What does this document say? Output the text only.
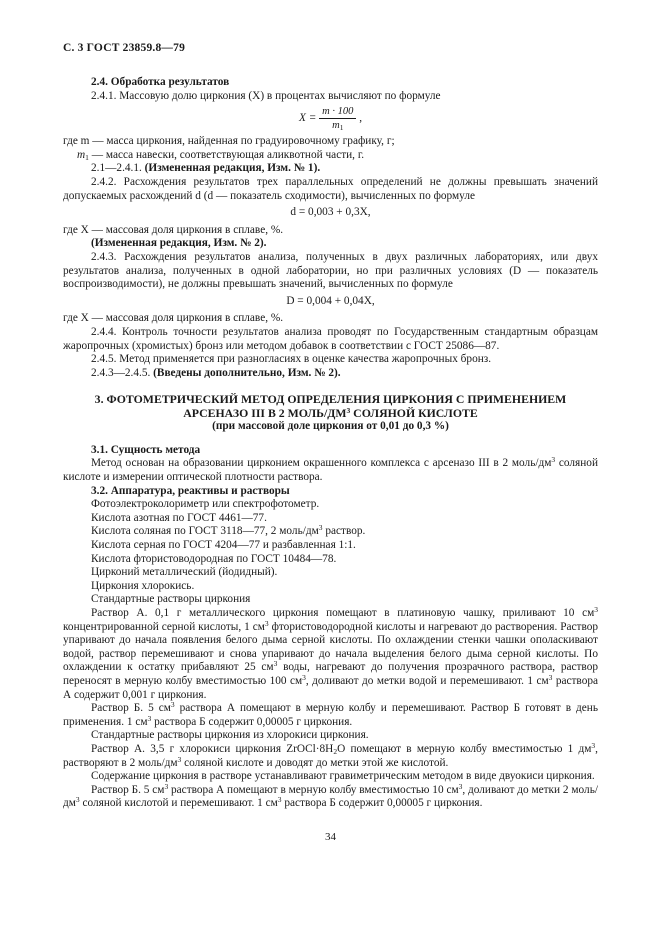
С. 3 ГОСТ 23859.8—79

2.4. Обработка результатов

2.4.1. Массовую долю циркония (X) в процентах вычисляют по формуле

$X = \frac{m \cdot 100}{m_1}$ ,

где m — масса циркония, найденная по градуировочному графику, г;

$m_1$ — масса навески, соответствующая аликвотной части, г.

2.1—2.4.1. (Измененная редакция, Изм. № 1).

2.4.2. Расхождения результатов трех параллельных определений не должны превышать значений допускаемых расхождений d (d — показатель сходимости), вычисленных по формуле

d = 0,003 + 0,3X,

где X — массовая доля циркония в сплаве, %.

(Измененная редакция, Изм. № 2).

2.4.3. Расхождения результатов анализа, полученных в двух различных лабораториях, или двух результатов анализа, полученных в одной лаборатории, но при различных условиях (D — показатель воспроизводимости), не должны превышать значений, вычисленных по формуле

D = 0,004 + 0,04X,

где X — массовая доля циркония в сплаве, %.

2.4.4. Контроль точности результатов анализа проводят по Государственным стандартным образцам жаропрочных (хромистых) бронз или методом добавок в соответствии с ГОСТ 25086—87.

2.4.5. Метод применяется при разногласиях в оценке качества жаропрочных бронз.

2.4.3—2.4.5. (Введены дополнительно, Изм. № 2).

3. ФОТОМЕТРИЧЕСКИЙ МЕТОД ОПРЕДЕЛЕНИЯ ЦИРКОНИЯ С ПРИМЕНЕНИЕМ
АРСЕНАЗО III В 2 МОЛЬ/$ДМ^3$ СОЛЯНОЙ КИСЛОТЕ
(при массовой доле циркония от 0,01 до 0,3 %)

3.1. Сущность метода

Метод основан на образовании цирконием окрашенного комплекса с арсеназо III в 2 моль/$дм^3$ соляной кислоте и измерении оптической плотности раствора.

3.2. Аппаратура, реактивы и растворы

Фотоэлектроколориметр или спектрофотометр.

Кислота азотная по ГОСТ 4461—77.

Кислота соляная по ГОСТ 3118—77, 2 моль/$дм^3$ раствор.

Кислота серная по ГОСТ 4204—77 и разбавленная 1:1.

Кислота фтористоводородная по ГОСТ 10484—78.

Цирконий металлический (йодидный).

Циркония хлорокись.

Стандартные растворы циркония

Раствор А. 0,1 г металлического циркония помещают в платиновую чашку, приливают 10 $см^3$ концентрированной серной кислоты, 1 $см^3$ фтористоводородной кислоты и нагревают до растворения. Раствор упаривают до начала появления белого дыма серной кислоты. По охлаждении стенки чашки ополаскивают водой, раствор перемешивают и снова упаривают до начала выделения белого дыма серной кислоты. По охлаждении к остатку прибавляют 25 $см^3$ воды, нагревают до получения прозрачного раствора, раствор переносят в мерную колбу вместимостью 100 $см^3$, доливают до метки водой и перемешивают. 1 $см^3$ раствора А содержит 0,001 г циркония.

Раствор Б. 5 $см^3$ раствора А помещают в мерную колбу и перемешивают. Раствор Б готовят в день применения. 1 $см^3$ раствора Б содержит 0,00005 г циркония.

Стандартные растворы циркония из хлорокиси циркония.

Раствор А. 3,5 г хлорокиси циркония $ZrOCl\cdot 8H_2O$ помещают в мерную колбу вместимостью 1 $дм^3$, растворяют в 2 моль/$дм^3$ соляной кислоте и доводят до метки этой же кислотой.

Содержание циркония в растворе устанавливают гравиметрическим методом в виде двуокиси циркония.

Раствор Б. 5 $см^3$ раствора А помещают в мерную колбу вместимостью 10 $см^3$, доливают до метки 2 моль/$дм^3$ соляной кислотой и перемешивают. 1 $см^3$ раствора Б содержит 0,00005 г циркония.

34
